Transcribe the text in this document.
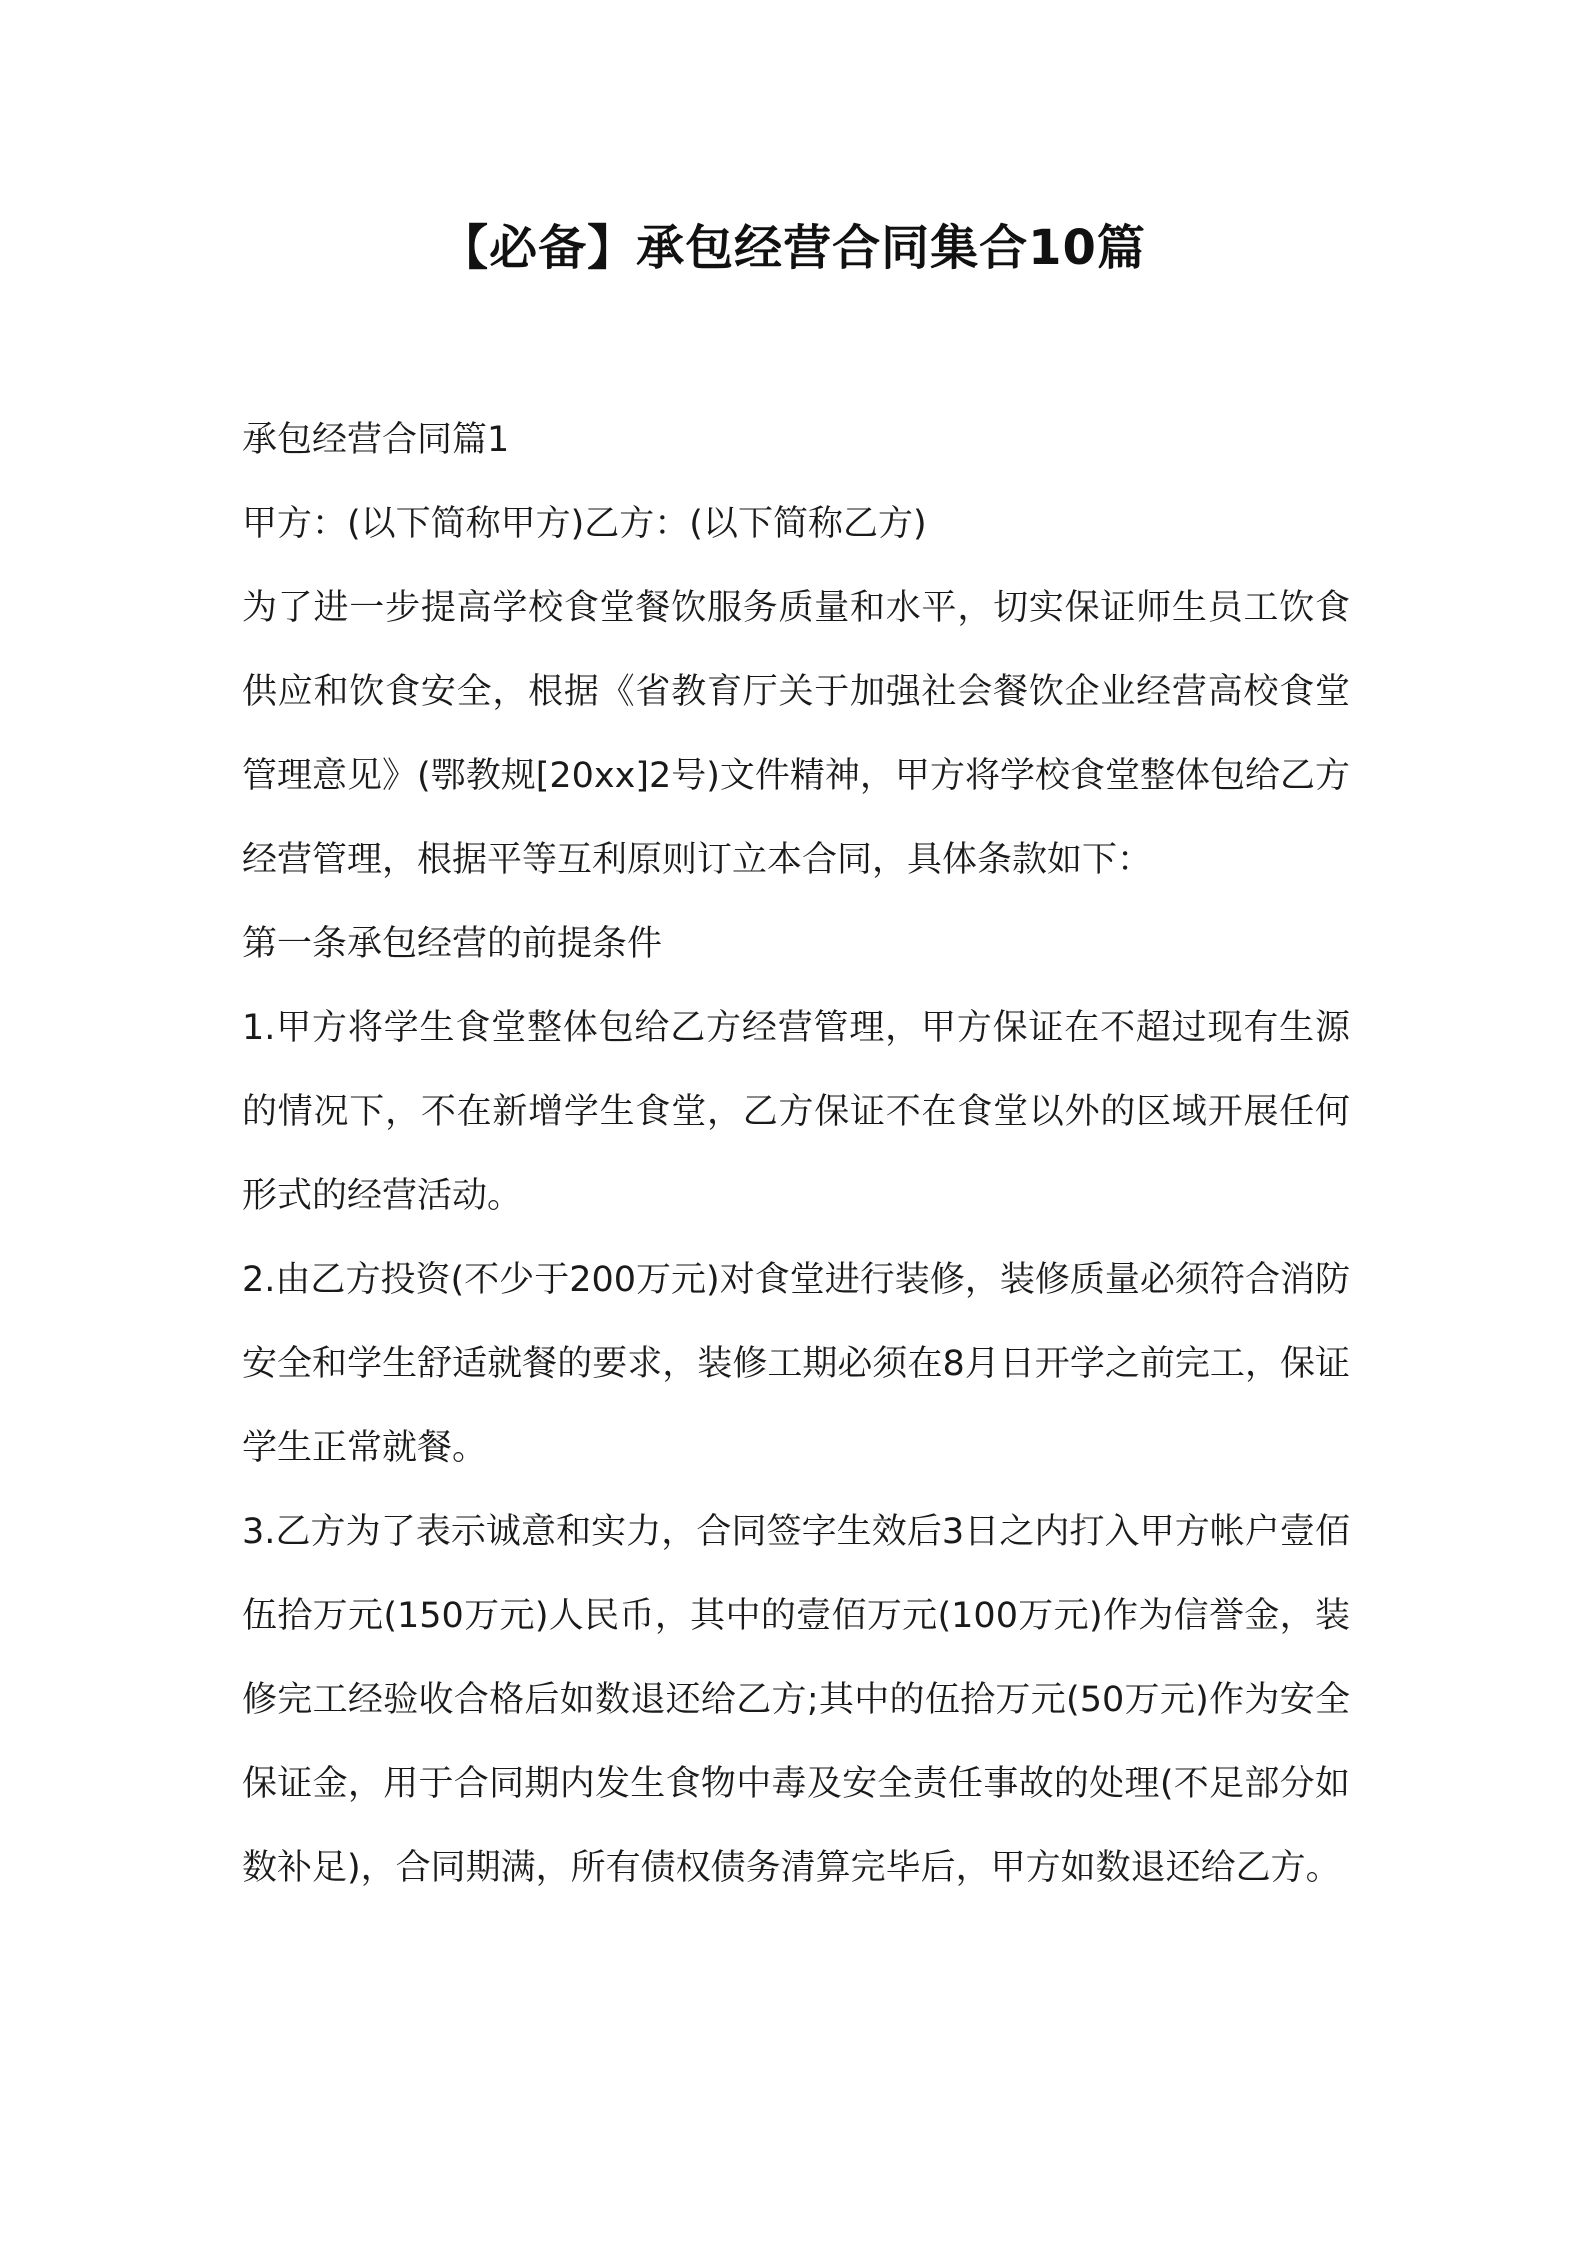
【必备】承包经营合同集合10篇

承包经营合同篇1

甲方：(以下简称甲方)乙方：(以下简称乙方)

为了进一步提高学校食堂餐饮服务质量和水平，切实保证师生员工饮食供应和饮食安全，根据《省教育厅关于加强社会餐饮企业经营高校食堂管理意见》(鄂教规[20xx]2号)文件精神，甲方将学校食堂整体包给乙方经营管理，根据平等互利原则订立本合同，具体条款如下：

第一条承包经营的前提条件

1.甲方将学生食堂整体包给乙方经营管理，甲方保证在不超过现有生源的情况下，不在新增学生食堂，乙方保证不在食堂以外的区域开展任何形式的经营活动。

2.由乙方投资(不少于200万元)对食堂进行装修，装修质量必须符合消防安全和学生舒适就餐的要求，装修工期必须在8月日开学之前完工，保证学生正常就餐。

3.乙方为了表示诚意和实力，合同签字生效后3日之内打入甲方帐户壹佰伍拾万元(150万元)人民币，其中的壹佰万元(100万元)作为信誉金，装修完工经验收合格后如数退还给乙方;其中的伍拾万元(50万元)作为安全保证金，用于合同期内发生食物中毒及安全责任事故的处理(不足部分如数补足)，合同期满，所有债权债务清算完毕后，甲方如数退还给乙方。
